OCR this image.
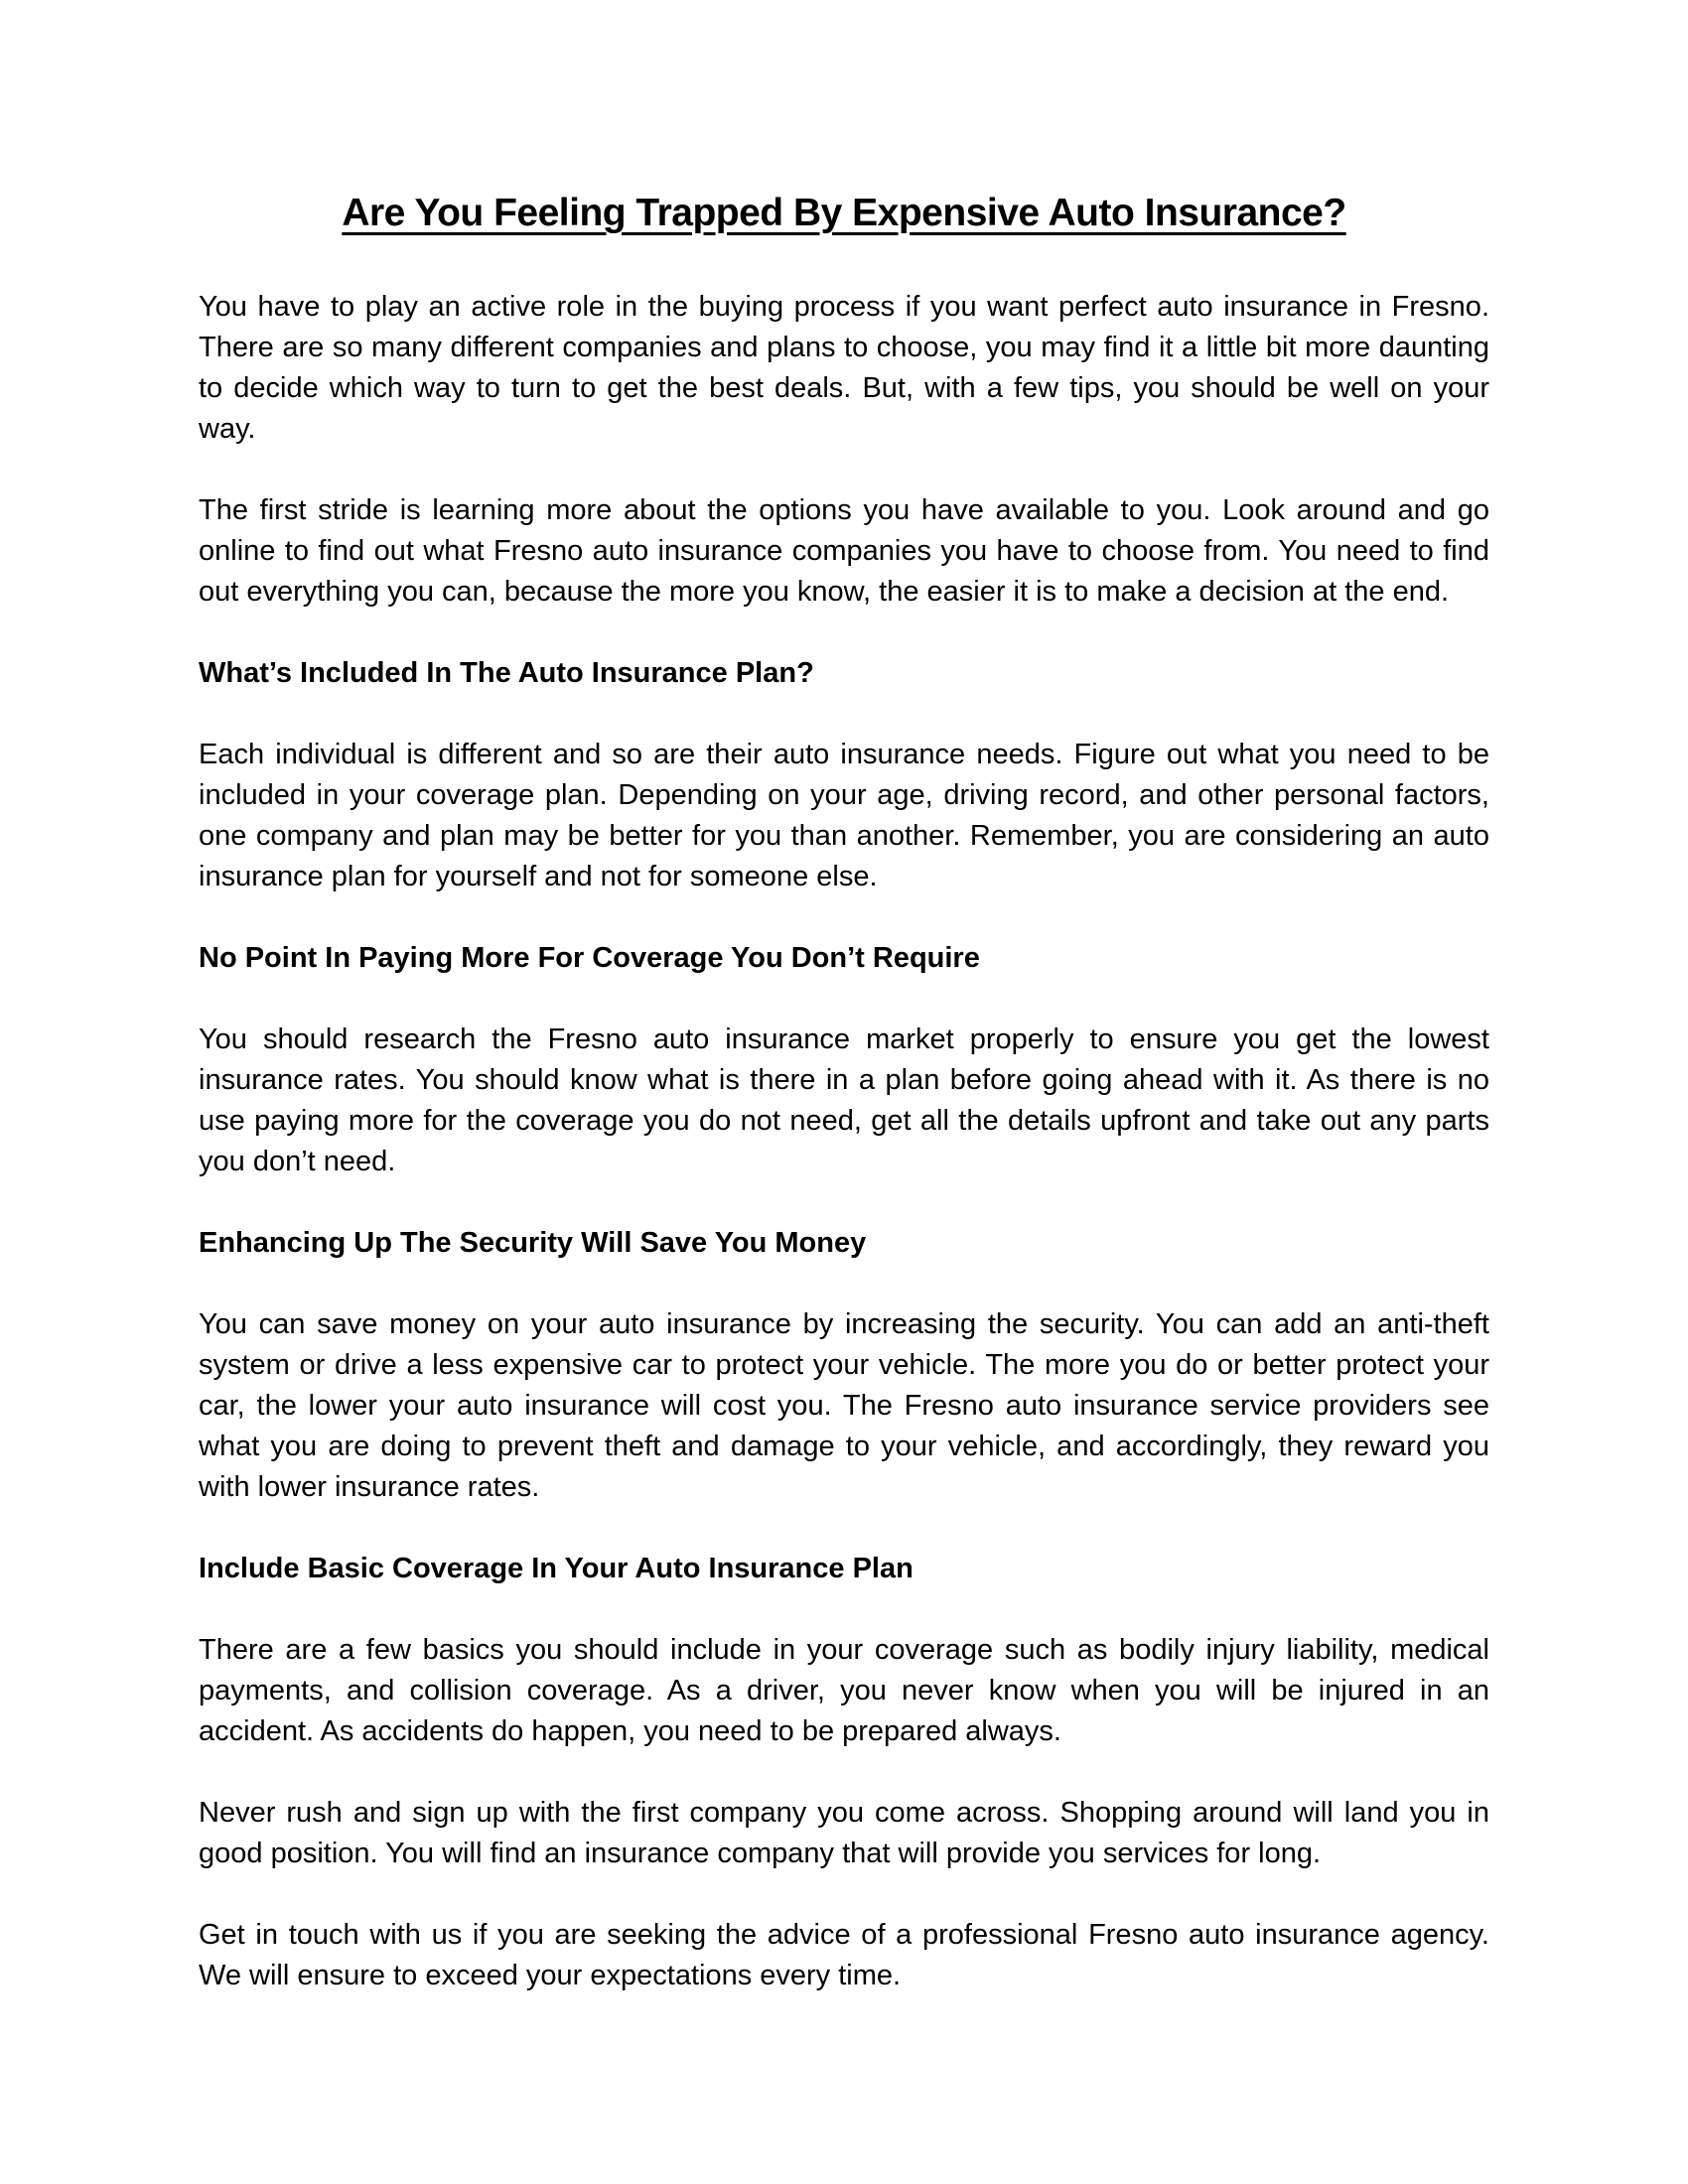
Are You Feeling Trapped By Expensive Auto Insurance?

You have to play an active role in the buying process if you want perfect auto insurance in Fresno. There are so many different companies and plans to choose, you may find it a little bit more daunting to decide which way to turn to get the best deals. But, with a few tips, you should be well on your way.

The first stride is learning more about the options you have available to you. Look around and go online to find out what Fresno auto insurance companies you have to choose from. You need to find out everything you can, because the more you know, the easier it is to make a decision at the end.

What’s Included In The Auto Insurance Plan?

Each individual is different and so are their auto insurance needs. Figure out what you need to be included in your coverage plan. Depending on your age, driving record, and other personal factors, one company and plan may be better for you than another. Remember, you are considering an auto insurance plan for yourself and not for someone else.

No Point In Paying More For Coverage You Don’t Require

You should research the Fresno auto insurance market properly to ensure you get the lowest insurance rates. You should know what is there in a plan before going ahead with it. As there is no use paying more for the coverage you do not need, get all the details upfront and take out any parts you don’t need.

Enhancing Up The Security Will Save You Money

You can save money on your auto insurance by increasing the security. You can add an anti-theft system or drive a less expensive car to protect your vehicle. The more you do or better protect your car, the lower your auto insurance will cost you. The Fresno auto insurance service providers see what you are doing to prevent theft and damage to your vehicle, and accordingly, they reward you with lower insurance rates.

Include Basic Coverage In Your Auto Insurance Plan

There are a few basics you should include in your coverage such as bodily injury liability, medical payments, and collision coverage. As a driver, you never know when you will be injured in an accident. As accidents do happen, you need to be prepared always.

Never rush and sign up with the first company you come across. Shopping around will land you in good position. You will find an insurance company that will provide you services for long.

Get in touch with us if you are seeking the advice of a professional Fresno auto insurance agency. We will ensure to exceed your expectations every time.
